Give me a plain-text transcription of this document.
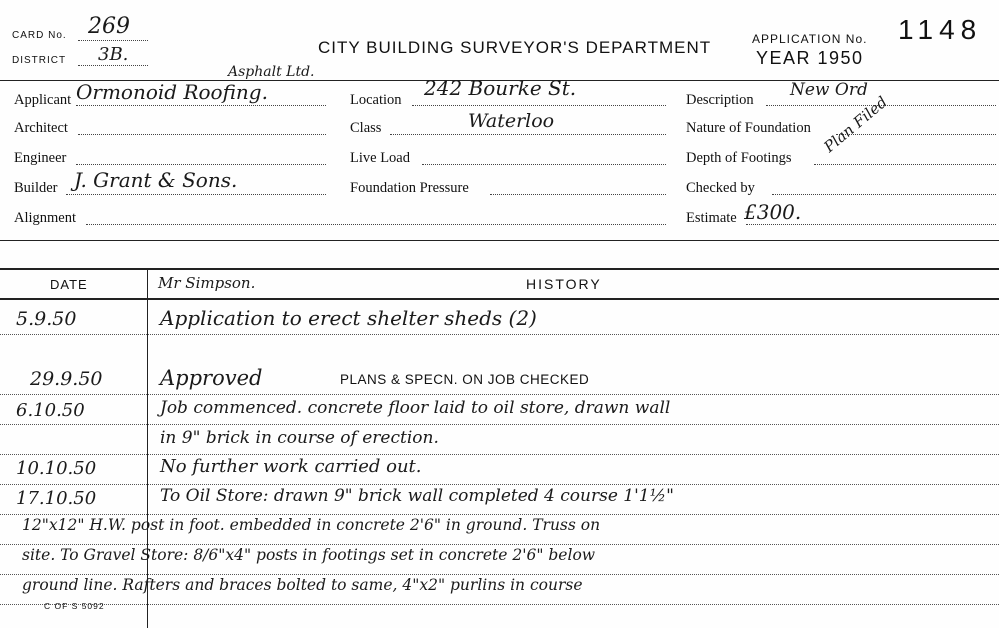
CARD No. 269
DISTRICT 3B.	CITY BUILDING SURVEYOR'S DEPARTMENT	APPLICATION No. 1148
YEAR 1950
Asphalt Ltd.
Applicant Ormonoid Roofing.
Architect
Engineer
Builder J. Grant & Sons.
Alignment
Location 242 Bourke St.
Class	Waterloo
Live Load
Foundation Pressure
Description New Ord
Nature of Foundation
Depth of Footings
Checked by
Plan Filed
Estimate £300.
DATE	HISTORY
Mr Simpson.
5.9.50	Application to erect shelter sheds (2)
29.9.50	Approved	PLANS & SPECN. ON JOB CHECKED
6.10.50	Job commenced. concrete floor laid to oil store, drawn wall
in 9" brick in course of erection.
10.10.50	No further work carried out.
17.10.50	To Oil Store: drawn 9" brick wall completed 4 course 1'1½"
12"x12" H.W. post in foot. embedded in concrete 2'6" in ground. Truss on
site. To Gravel Store: 8/6"x4" posts in footings set in concrete 2'6" below
ground line. Rafters and braces bolted to same, 4"x2" purlins in course
C OF S 5092
